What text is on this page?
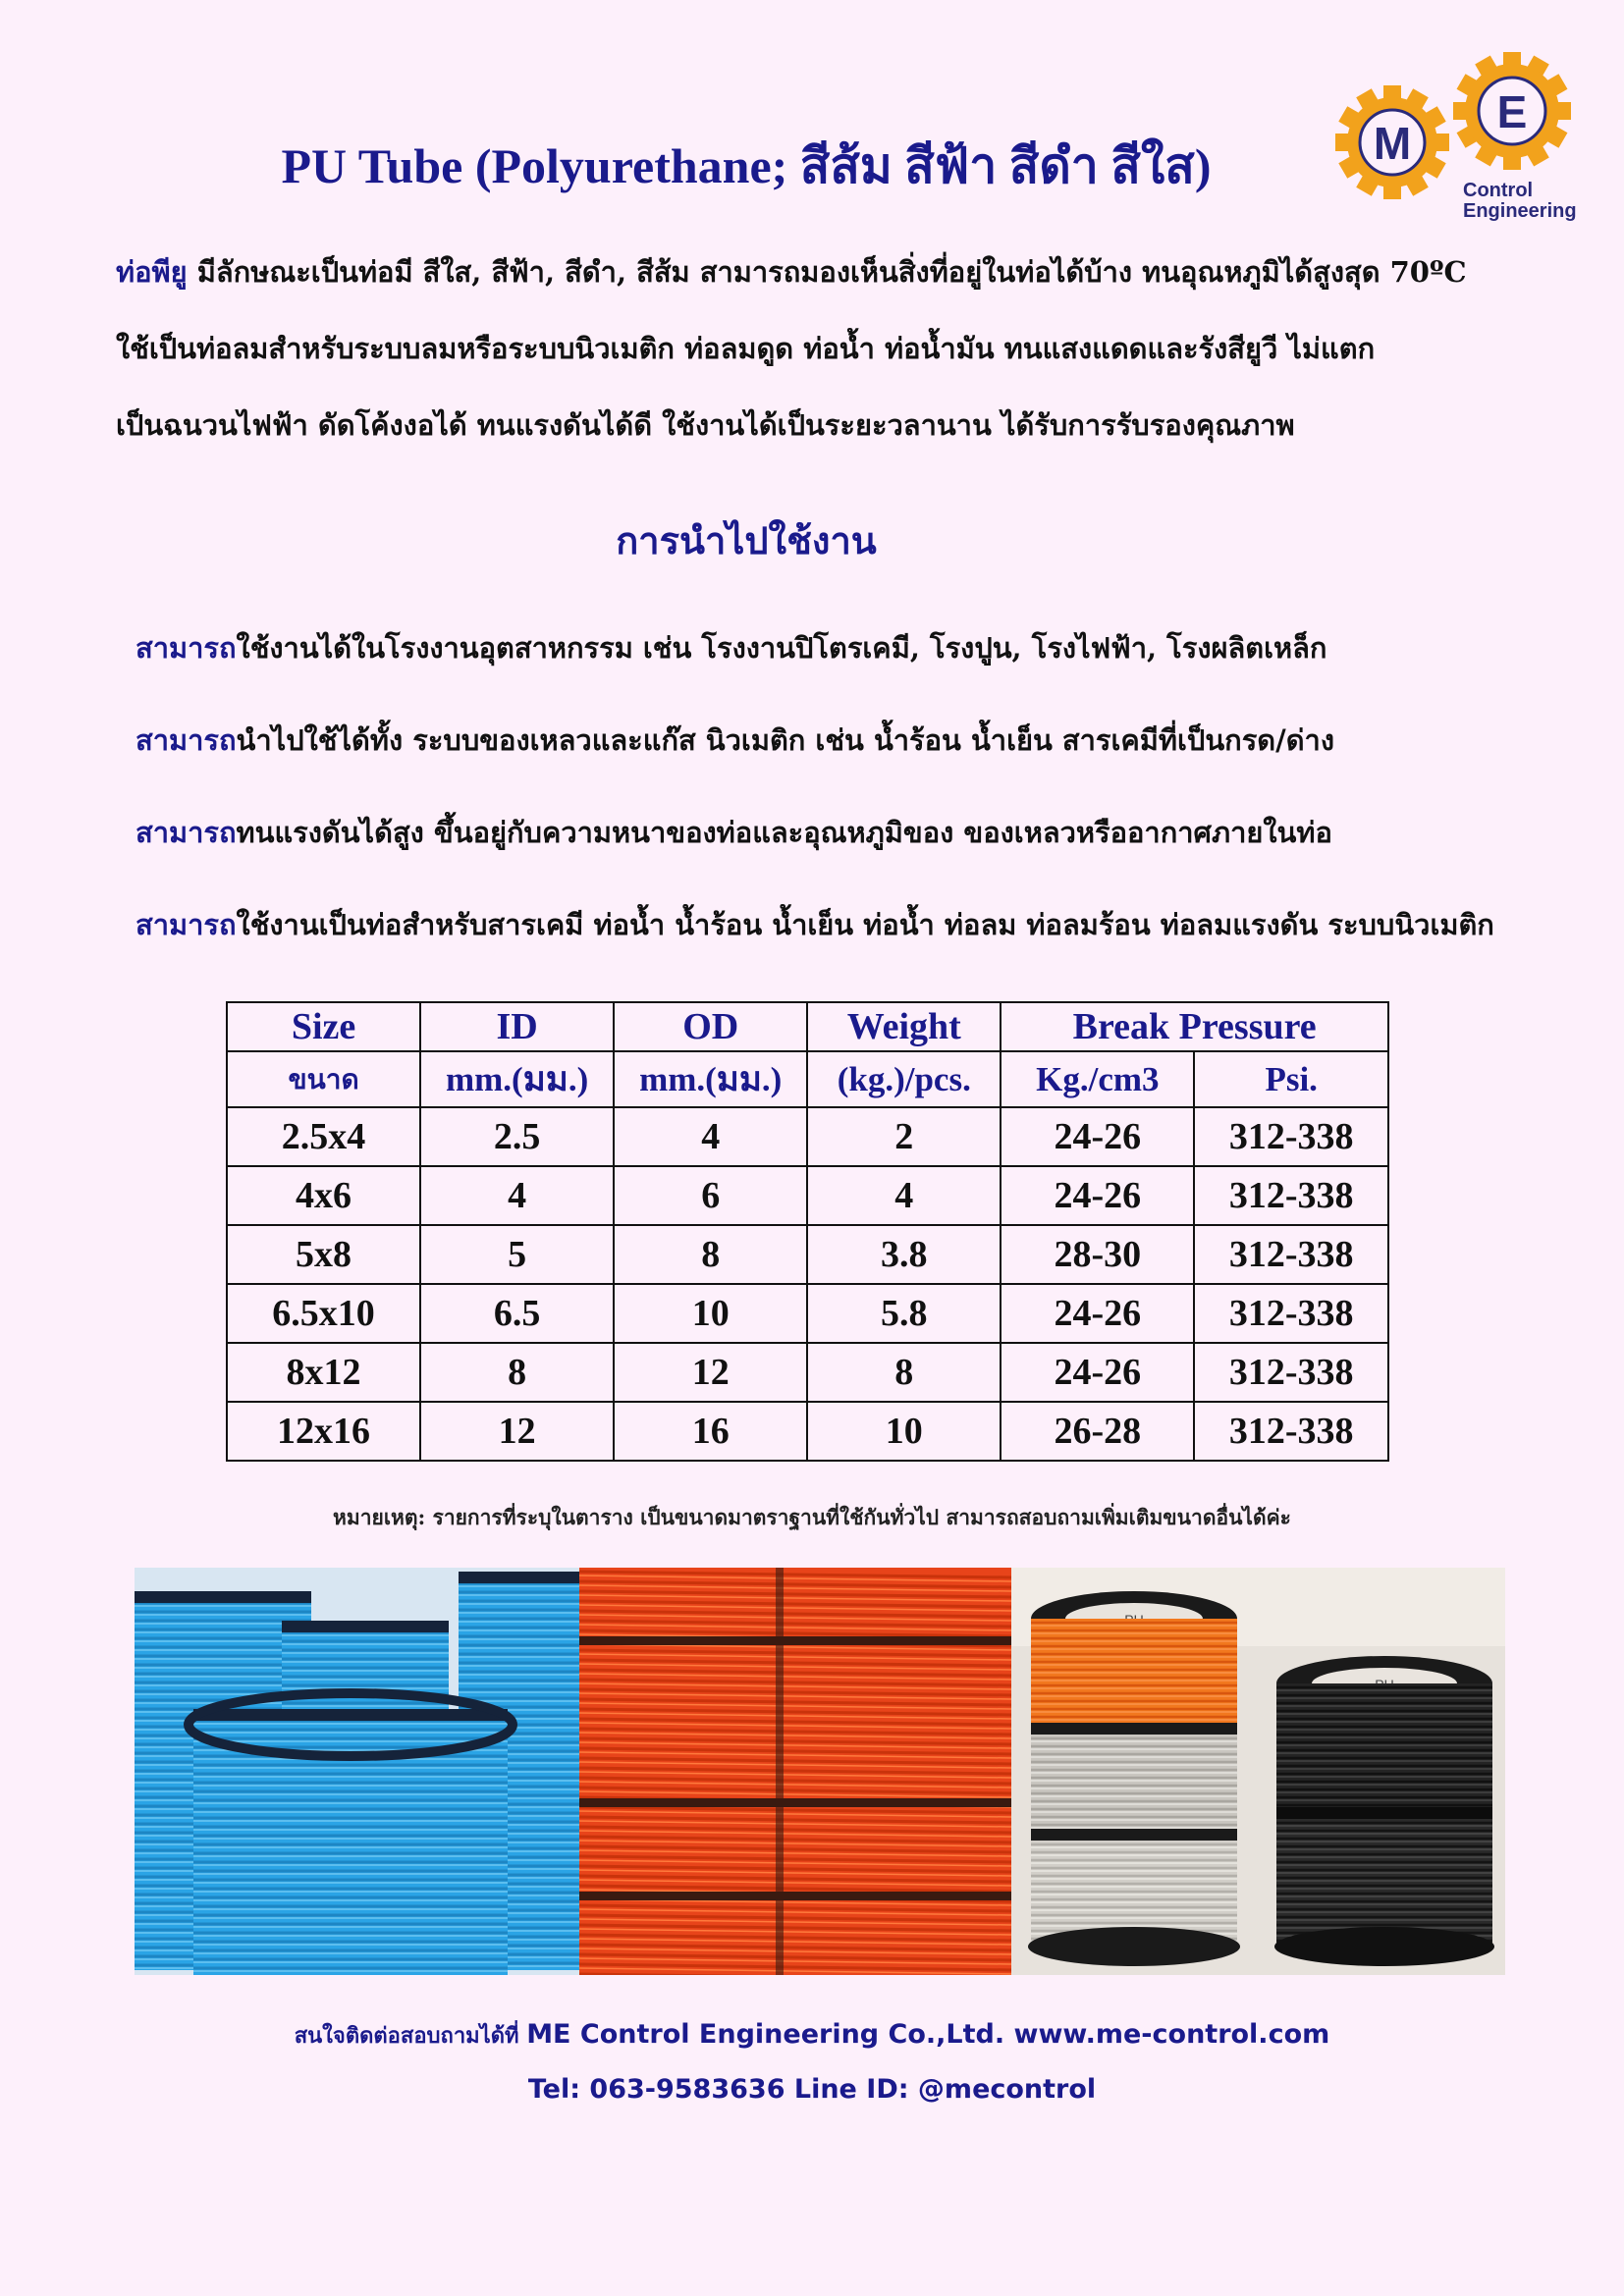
PU Tube (Polyurethane; สีส้ม สีฟ้า สีดำ สีใส)	M
E
Control
Engineering

ท่อพียู มีลักษณะเป็นท่อมี สีใส, สีฟ้า, สีดำ, สีส้ม สามารถมองเห็นสิ่งที่อยู่ในท่อได้บ้าง ทนอุณหภูมิได้สูงสุด 70ºC

ใช้เป็นท่อลมสำหรับระบบลมหรือระบบนิวเมติก ท่อลมดูด ท่อน้ำ ท่อน้ำมัน ทนแสงแดดและรังสียูวี ไม่แตก

เป็นฉนวนไฟฟ้า ดัดโค้งงอได้ ทนแรงดันได้ดี ใช้งานได้เป็นระยะวลานาน ได้รับการรับรองคุณภาพ

การนำไปใช้งาน

สามารถใช้งานได้ในโรงงานอุตสาหกรรม เช่น โรงงานปิโตรเคมี, โรงปูน, โรงไฟฟ้า, โรงผลิตเหล็ก

สามารถนำไปใช้ได้ทั้ง ระบบของเหลวและแก๊ส นิวเมติก เช่น น้ำร้อน น้ำเย็น สารเคมีที่เป็นกรด/ด่าง

สามารถทนแรงดันได้สูง ขึ้นอยู่กับความหนาของท่อและอุณหภูมิของ ของเหลวหรืออากาศภายในท่อ

สามารถใช้งานเป็นท่อสำหรับสารเคมี ท่อน้ำ น้ำร้อน น้ำเย็น ท่อน้ำ ท่อลม ท่อลมร้อน ท่อลมแรงดัน ระบบนิวเมติก

Size	ID	OD	Weight	Break Pressure	
ขนาด	mm.(มม.)	mm.(มม.)	(kg.)/pcs.	Kg./cm3	Psi.
2.5x4	2.5	4	2	24-26	312-338
4x6	4	6	4	24-26	312-338
5x8	5	8	3.8	28-30	312-338
6.5x10	6.5	10	5.8	24-26	312-338
8x12	8	12	8	24-26	312-338
12x16	12	16	10	26-28	312-338

หมายเหตุ: รายการที่ระบุในตาราง เป็นขนาดมาตราฐานที่ใช้กันทั่วไป สามารถสอบถามเพิ่มเติมขนาดอื่นได้ค่ะ

สนใจติดต่อสอบถามได้ที่ ME Control Engineering Co.,Ltd. www.me-control.com

Tel: 063-9583636 Line ID: @mecontrol
